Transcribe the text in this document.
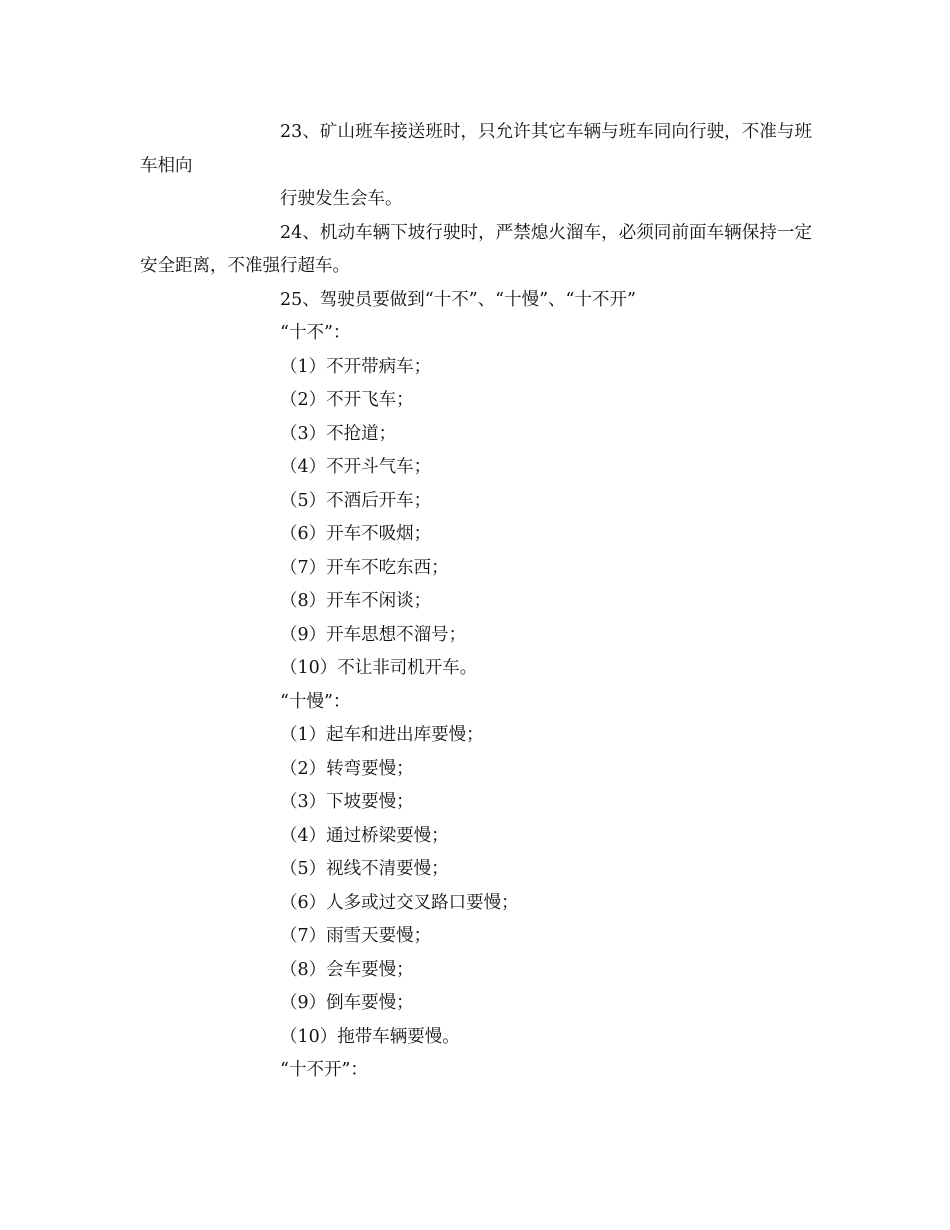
23、矿山班车接送班时，只允许其它车辆与班车同向行驶，不准与班车相向

行驶发生会车。

24、机动车辆下坡行驶时，严禁熄火溜车，必须同前面车辆保持一定安全距离，不准强行超车。

25、驾驶员要做到“十不”、“十慢”、“十不开”

“十不”：

（1）不开带病车；

（2）不开飞车；

（3）不抢道；

（4）不开斗气车；

（5）不酒后开车；

（6）开车不吸烟；

（7）开车不吃东西；

（8）开车不闲谈；

（9）开车思想不溜号；

（10）不让非司机开车。

“十慢”：

（1）起车和进出库要慢；

（2）转弯要慢；

（3）下坡要慢；

（4）通过桥梁要慢；

（5）视线不清要慢；

（6）人多或过交叉路口要慢；

（7）雨雪天要慢；

（8）会车要慢；

（9）倒车要慢；

（10）拖带车辆要慢。

“十不开”：
